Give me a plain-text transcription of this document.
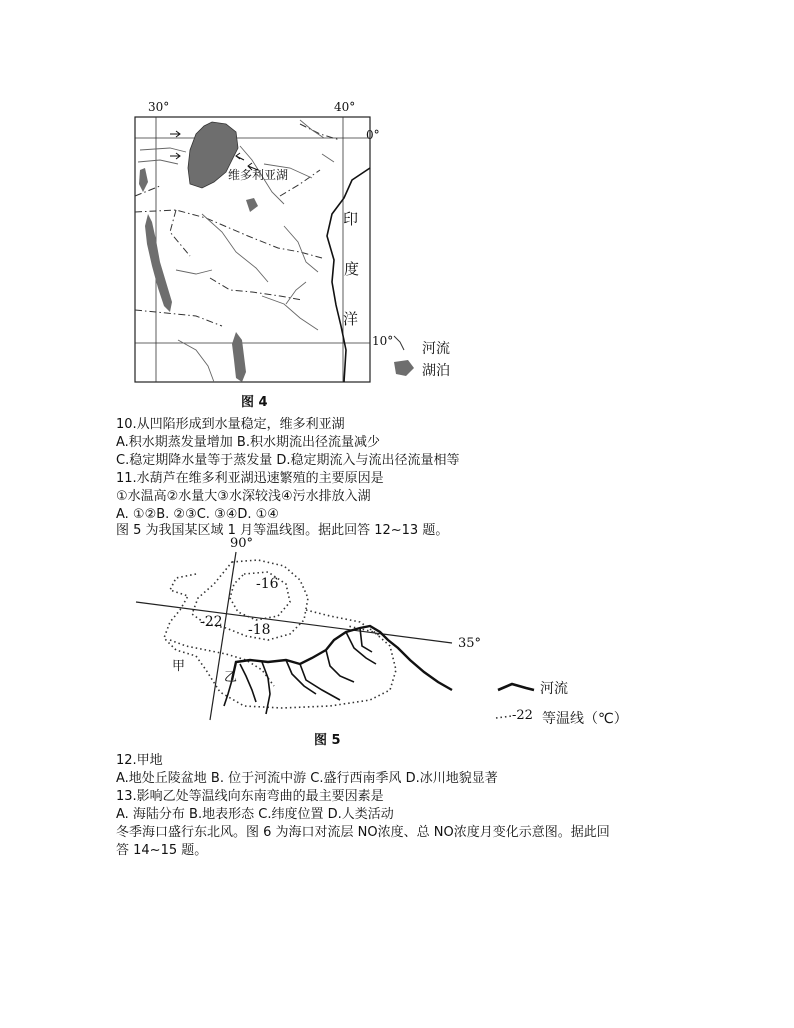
30°	40°
0°
10°
维多利亚湖
印
度
洋
河流
湖泊
图 4
10.从凹陷形成到水量稳定，维多利亚湖
A.积水期蒸发量增加 B.积水期流出径流量减少
C.稳定期降水量等于蒸发量 D.稳定期流入与流出径流量相等
11.水葫芦在维多利亚湖迅速繁殖的主要原因是
①水温高②水量大③水深较浅④污水排放入湖
A. ①②B. ②③C. ③④D. ①④
图 5 为我国某区域 1 月等温线图。据此回答 12~13 题。
90°
35°
-16
-22 -18
甲
乙
河流
-22 等温线（℃）
图 5
12.甲地
A.地处丘陵盆地 B. 位于河流中游 C.盛行西南季风 D.冰川地貌显著
13.影响乙处等温线向东南弯曲的最主要因素是
A. 海陆分布 B.地表形态 C.纬度位置 D.人类活动
冬季海口盛行东北风。图 6 为海口对流层 NO浓度、总 NO浓度月变化示意图。据此回
答 14~15 题。
